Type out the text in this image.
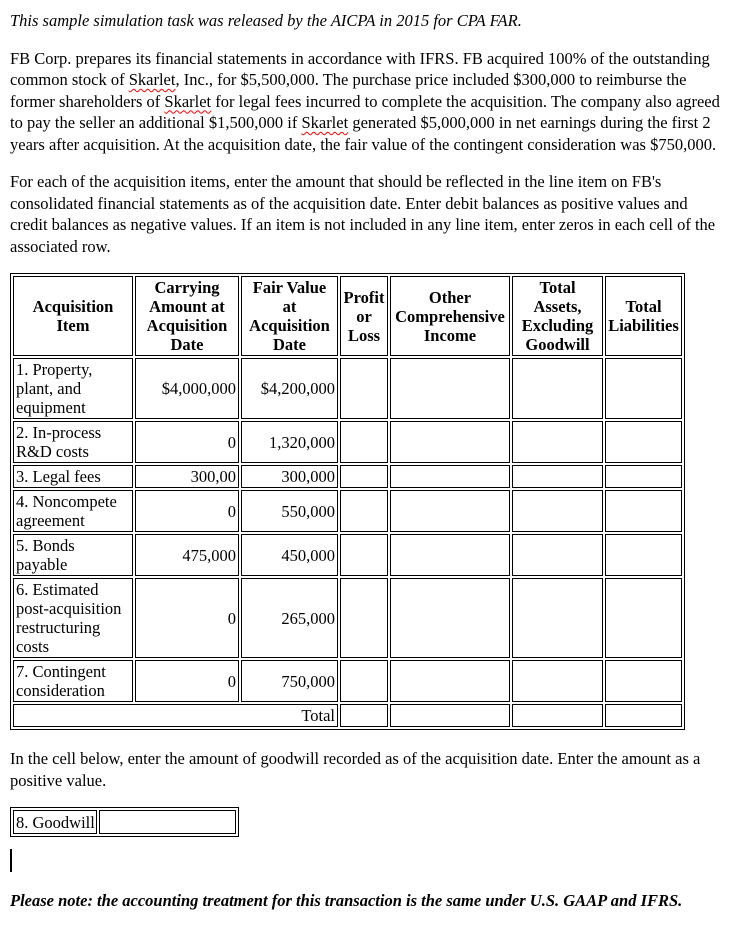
This sample simulation task was released by the AICPA in 2015 for CPA FAR.

FB Corp. prepares its financial statements in accordance with IFRS. FB acquired 100% of the outstanding common stock of Skarlet, Inc., for $5,500,000. The purchase price included $300,000 to reimburse the former shareholders of Skarlet for legal fees incurred to complete the acquisition. The company also agreed to pay the seller an additional $1,500,000 if Skarlet generated $5,000,000 in net earnings during the first 2 years after acquisition. At the acquisition date, the fair value of the contingent consideration was $750,000.

For each of the acquisition items, enter the amount that should be reflected in the line item on FB's consolidated financial statements as of the acquisition date. Enter debit balances as positive values and credit balances as negative values. If an item is not included in any line item, enter zeros in each cell of the associated row.

Acquisition Item	Carrying Amount at Acquisition Date	Fair Value at Acquisition Date	Profit or Loss	Other Comprehensive Income	Total Assets, Excluding Goodwill	Total Liabilities
1. Property, plant, and equipment	$4,000,000	$4,200,000				
2. In-process R&D costs	0	1,320,000				
3. Legal fees	300,00	300,000				
4. Noncompete agreement	0	550,000				
5. Bonds payable	475,000	450,000				
6. Estimated post-acquisition restructuring costs	0	265,000				
7. Contingent consideration	0	750,000				
Total						

In the cell below, enter the amount of goodwill recorded as of the acquisition date. Enter the amount as a positive value.

8. Goodwill	

Please note: the accounting treatment for this transaction is the same under U.S. GAAP and IFRS.
